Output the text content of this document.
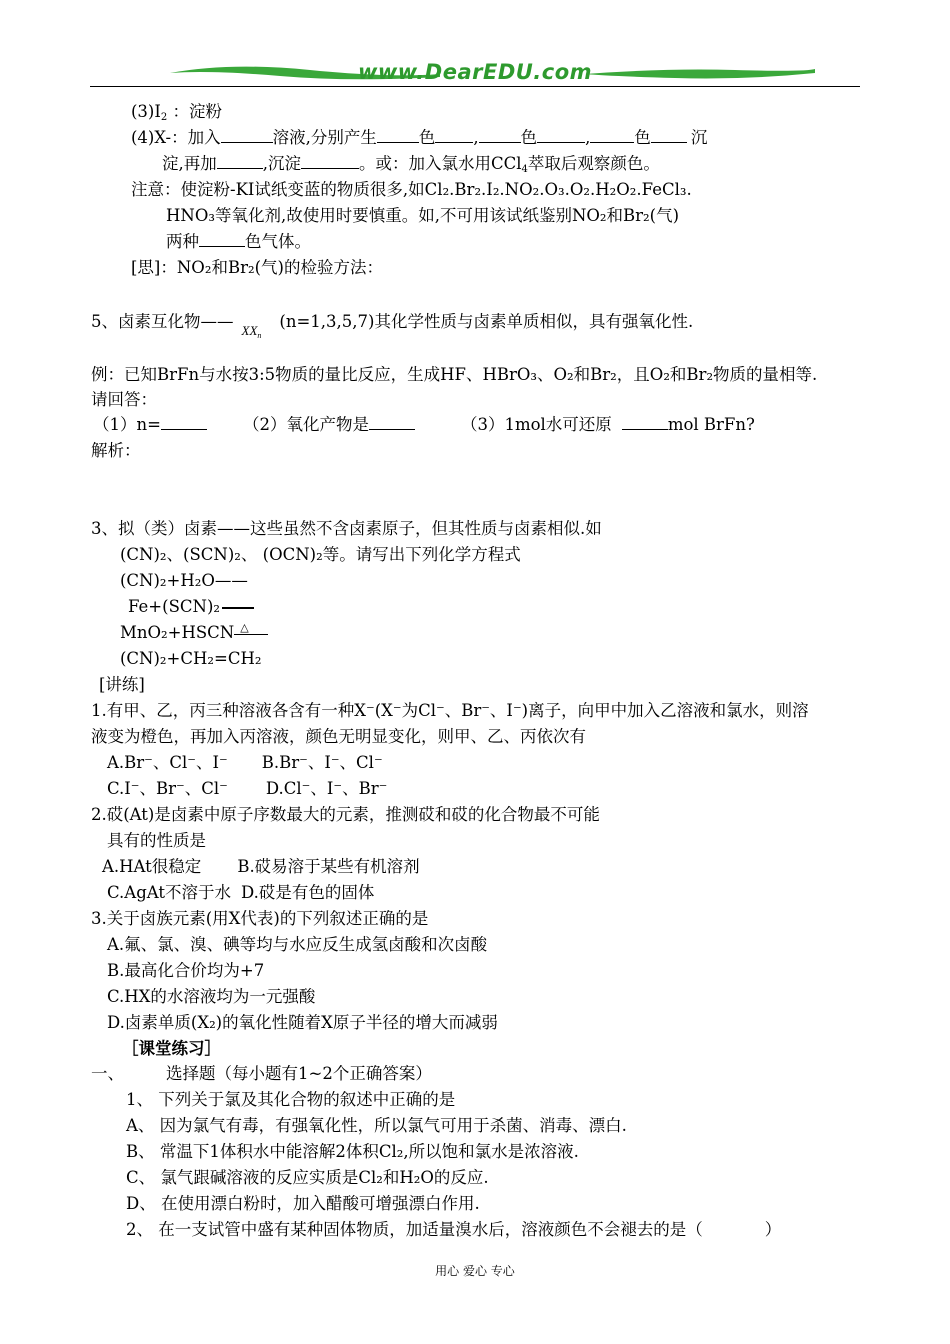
www.DearEDU.com
$(3)I_2$ ：淀粉
(4)X-：加入	溶液,分别产生	色 ,	色	,	色 沉
淀,再加	,沉淀	。或：加入氯水用CCl$_4$萃取后观察颜色。
注意：使淀粉-KI试纸变蓝的物质很多,如Cl₂.Br₂.I₂.NO₂.O₃.O₂.H₂O₂.FeCl₃.
HNO₃等氧化剂,故使用时要慎重。如,不可用该试纸鉴别NO₂和Br₂(气)
两种	色气体。
[思]：NO₂和Br₂(气)的检验方法：
5、卤素互化物—— $XX_n(n=1,3,5,7)$其化学性质与卤素单质相似，具有强氧化性.
例：已知BrFn与水按3:5物质的量比反应，生成HF、HBrO₃、O₂和Br₂，且O₂和Br₂物质的量相等.
请回答：
（1）n=	（2）氧化产物是	（3）1mol水可还原	mol BrFn?
解析：
3、拟（类）卤素——这些虽然不含卤素原子，但其性质与卤素相似.如
(CN)₂、(SCN)₂、 (OCN)₂等。请写出下列化学方程式
(CN)₂+H₂O——
Fe+(SCN)₂
MnO₂+HSCN △
(CN)₂+CH₂=CH₂
[讲练]
1.有甲、乙，丙三种溶液各含有一种X⁻(X⁻为Cl⁻、Br⁻、I⁻)离子，向甲中加入乙溶液和氯水，则溶
液变为橙色，再加入丙溶液，颜色无明显变化，则甲、乙、丙依次有
A.Br⁻、Cl⁻、I⁻ B.Br⁻、I⁻、Cl⁻
C.I⁻、Br⁻、Cl⁻ D.Cl⁻、I⁻、Br⁻
2.砹(At)是卤素中原子序数最大的元素，推测砹和砹的化合物最不可能
具有的性质是
A.HAt很稳定 B.砹易溶于某些有机溶剂
C.AgAt不溶于水 D.砹是有色的固体
3.关于卤族元素(用X代表)的下列叙述正确的是
A.氟、氯、溴、碘等均与水应反生成氢卤酸和次卤酸
B.最高化合价均为+7
C.HX的水溶液均为一元强酸
D.卤素单质(X₂)的氧化性随着X原子半径的增大而减弱
［课堂练习］
一、	选择题（每小题有1~2个正确答案）
1、 下列关于氯及其化合物的叙述中正确的是
A、 因为氯气有毒，有强氧化性，所以氯气可用于杀菌、消毒、漂白.
B、 常温下1体积水中能溶解2体积Cl₂,所以饱和氯水是浓溶液.
C、 氯气跟碱溶液的反应实质是Cl₂和H₂O的反应.
D、 在使用漂白粉时，加入醋酸可增强漂白作用.
2、 在一支试管中盛有某种固体物质，加适量溴水后，溶液颜色不会褪去的是（	）
用心 爱心 专心
